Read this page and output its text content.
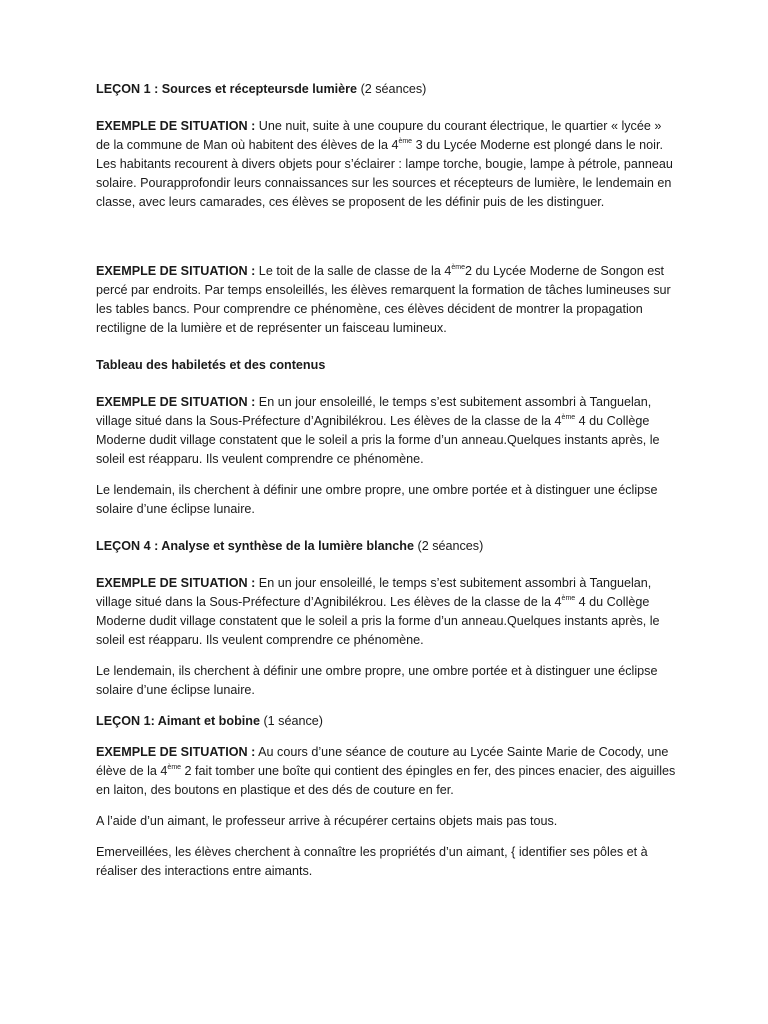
LEÇON 1 : Sources et récepteursde lumière (2 séances)

EXEMPLE DE SITUATION : Une nuit, suite à une coupure du courant électrique, le quartier « lycée » de la commune de Man où habitent des élèves de la 4ème 3 du Lycée Moderne est plongé dans le noir. Les habitants recourent à divers objets pour s’éclairer : lampe torche, bougie, lampe à pétrole, panneau solaire. Pourapprofondir leurs connaissances sur les sources et récepteurs de lumière, le lendemain en classe, avec leurs camarades, ces élèves se proposent de les définir puis de les distinguer.

EXEMPLE DE SITUATION : Le toit de la salle de classe de la 4ème2 du Lycée Moderne de Songon est percé par endroits. Par temps ensoleillés, les élèves remarquent la formation de tâches lumineuses sur les tables bancs. Pour comprendre ce phénomène, ces élèves décident de montrer la propagation rectiligne de la lumière et de représenter un faisceau lumineux.

Tableau des habiletés et des contenus

EXEMPLE DE SITUATION : En un jour ensoleillé, le temps s’est subitement assombri à Tanguelan, village situé dans la Sous-Préfecture d’Agnibilékrou. Les élèves de la classe de la 4ème 4 du Collège Moderne dudit village constatent que le soleil a pris la forme d’un anneau.Quelques instants après, le soleil est réapparu. Ils veulent comprendre ce phénomène.

Le lendemain, ils cherchent à définir une ombre propre, une ombre portée et à distinguer une éclipse solaire d’une éclipse lunaire.

LEÇON 4 : Analyse et synthèse de la lumière blanche (2 séances)

EXEMPLE DE SITUATION : En un jour ensoleillé, le temps s’est subitement assombri à Tanguelan, village situé dans la Sous-Préfecture d’Agnibilékrou. Les élèves de la classe de la 4ème 4 du Collège Moderne dudit village constatent que le soleil a pris la forme d’un anneau.Quelques instants après, le soleil est réapparu. Ils veulent comprendre ce phénomène.

Le lendemain, ils cherchent à définir une ombre propre, une ombre portée et à distinguer une éclipse solaire d’une éclipse lunaire.

LEÇON 1: Aimant et bobine (1 séance)

EXEMPLE DE SITUATION : Au cours d’une séance de couture au Lycée Sainte Marie de Cocody, une élève de la 4ème 2 fait tomber une boîte qui contient des épingles en fer, des pinces enacier, des aiguilles en laiton, des boutons en plastique et des dés de couture en fer.

A l’aide d’un aimant, le professeur arrive à récupérer certains objets mais pas tous.

Emerveillées, les élèves cherchent à connaître les propriétés d’un aimant, { identifier ses pôles et à réaliser des interactions entre aimants.
